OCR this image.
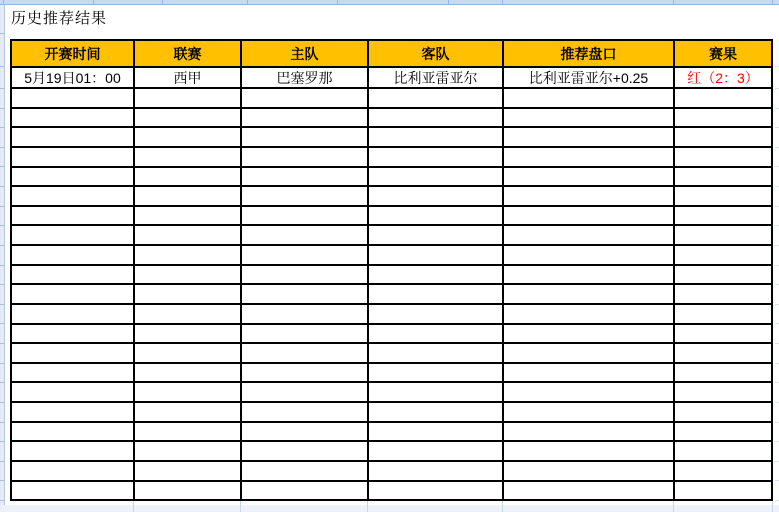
历史推荐结果
开赛时间	联赛	主队	客队	推荐盘口	赛果
5月19日01：00	西甲	巴塞罗那	比利亚雷亚尔	比利亚雷亚尔+0.25	红（2：3）
